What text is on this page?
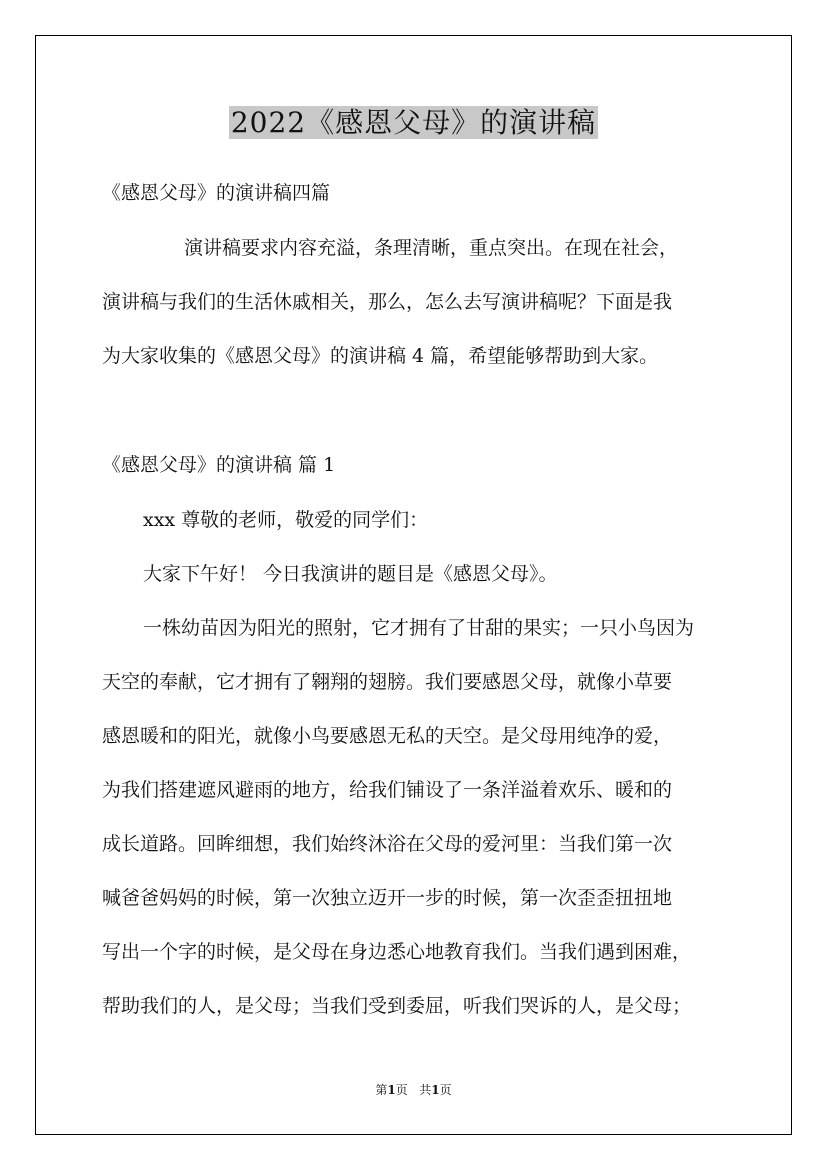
2022《感恩父母》的演讲稿
《感恩父母》的演讲稿四篇
演讲稿要求内容充溢，条理清晰，重点突出。在现在社会，
演讲稿与我们的生活休戚相关，那么，怎么去写演讲稿呢？下面是我
为大家收集的《感恩父母》的演讲稿 4 篇，希望能够帮助到大家。
《感恩父母》的演讲稿 篇 1
xxx 尊敬的老师，敬爱的同学们：
大家下午好！ 今日我演讲的题目是《感恩父母》。
一株幼苗因为阳光的照射，它才拥有了甘甜的果实；一只小鸟因为
天空的奉献，它才拥有了翱翔的翅膀。我们要感恩父母，就像小草要
感恩暖和的阳光，就像小鸟要感恩无私的天空。是父母用纯净的爱，
为我们搭建遮风避雨的地方，给我们铺设了一条洋溢着欢乐、暖和的
成长道路。回眸细想，我们始终沐浴在父母的爱河里：当我们第一次
喊爸爸妈妈的时候，第一次独立迈开一步的时候，第一次歪歪扭扭地
写出一个字的时候，是父母在身边悉心地教育我们。当我们遇到困难，
帮助我们的人，是父母；当我们受到委屈，听我们哭诉的人，是父母；
第1页 共1页
